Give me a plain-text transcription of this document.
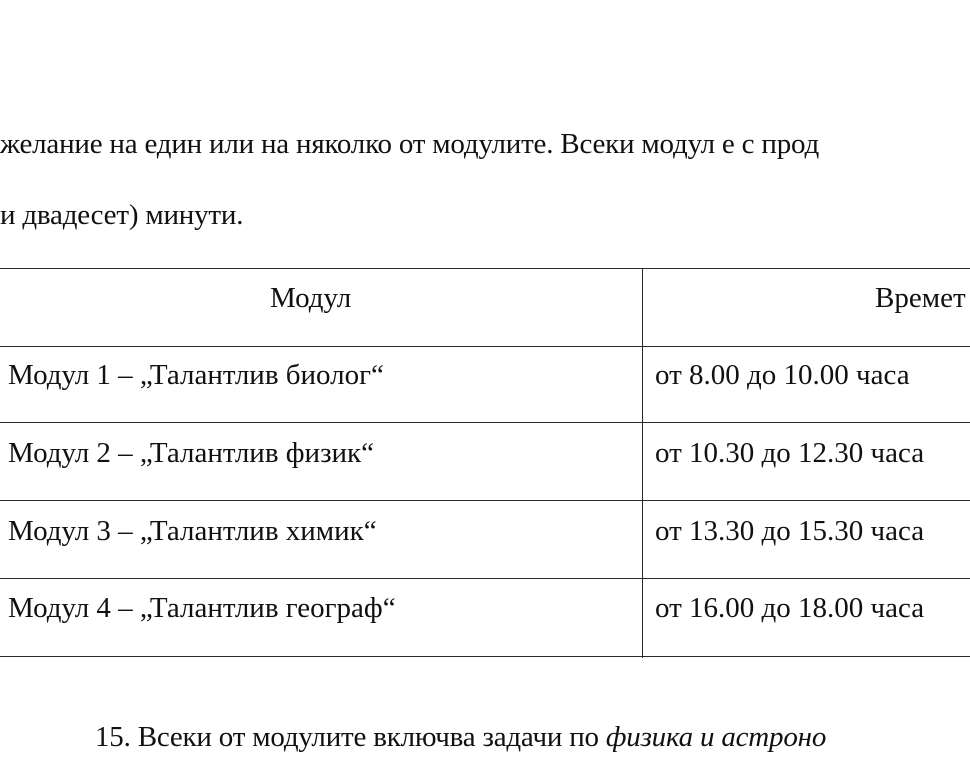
желание на един или на няколко от модулите. Всеки модул е с прод
и двадесет) минути.
Модул	Времет
Модул 1 – „Талантлив биолог“	от 8.00 до 10.00 часа
Модул 2 – „Талантлив физик“	от 10.30 до 12.30 часа
Модул 3 – „Талантлив химик“	от 13.30 до 15.30 часа
Модул 4 – „Талантлив географ“	от 16.00 до 18.00 часа
15. Всеки от модулите включва задачи по физика и астроно
